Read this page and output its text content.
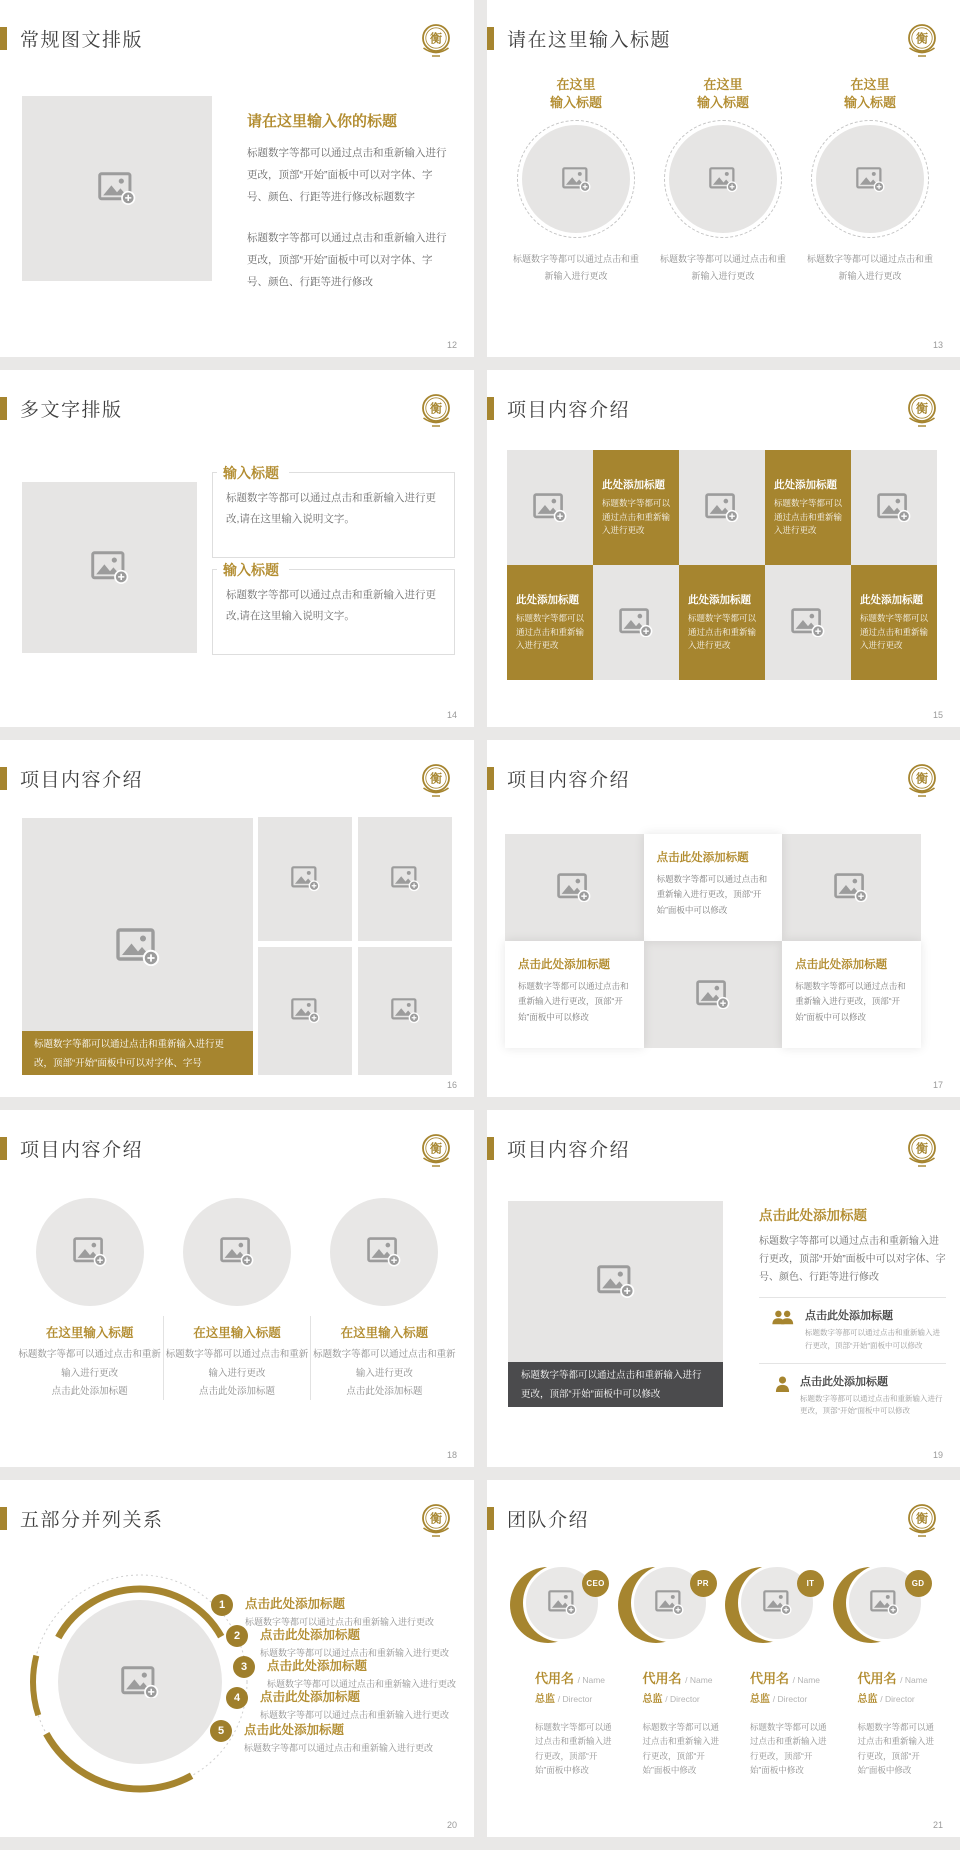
常规图文排版	衡
请在这里输入你的标题

标题数字等都可以通过点击和重新输入进行更改，顶部“开始”面板中可以对字体、字号、颜色、行距等进行修改标题数字

标题数字等都可以通过点击和重新输入进行更改，顶部“开始”面板中可以对字体、字号、颜色、行距等进行修改

12
请在这里输入标题	衡
在这里
输入标题
标题数字等都可以通过点击和重新输入进行更改
在这里
输入标题
标题数字等都可以通过点击和重新输入进行更改
在这里
输入标题
标题数字等都可以通过点击和重新输入进行更改
13
多文字排版	衡
输入标题

标题数字等都可以通过点击和重新输入进行更改,请在这里输入说明文字。

输入标题

标题数字等都可以通过点击和重新输入进行更改,请在这里输入说明文字。

14
项目内容介绍	衡
此处添加标题

标题数字等都可以通过点击和重新输入进行更改

此处添加标题

标题数字等都可以通过点击和重新输入进行更改

此处添加标题

标题数字等都可以通过点击和重新输入进行更改

此处添加标题

标题数字等都可以通过点击和重新输入进行更改

此处添加标题

标题数字等都可以通过点击和重新输入进行更改

15
项目内容介绍	衡
标题数字等都可以通过点击和重新输入进行更改，顶部“开始”面板中可以对字体、字号
16
项目内容介绍	衡
点击此处添加标题

标题数字等都可以通过点击和重新输入进行更改，顶部“开始”面板中可以修改

点击此处添加标题

标题数字等都可以通过点击和重新输入进行更改，顶部“开始”面板中可以修改

点击此处添加标题

标题数字等都可以通过点击和重新输入进行更改，顶部“开始”面板中可以修改

17
项目内容介绍	衡
在这里输入标题

标题数字等都可以通过点击和重新输入进行更改
点击此处添加标题

在这里输入标题

标题数字等都可以通过点击和重新输入进行更改
点击此处添加标题

在这里输入标题

标题数字等都可以通过点击和重新输入进行更改
点击此处添加标题

18
项目内容介绍	衡
标题数字等都可以通过点击和重新输入进行更改，顶部“开始”面板中可以修改
点击此处添加标题

标题数字等都可以通过点击和重新输入进行更改，顶部“开始”面板中可以对字体、字号、颜色、行距等进行修改

点击此处添加标题

标题数字等都可以通过点击和重新输入进行更改，顶部“开始”面板中可以修改

点击此处添加标题

标题数字等都可以通过点击和重新输入进行更改，顶部“开始”面板中可以修改

19
五部分并列关系	衡
1	点击此处添加标题

标题数字等都可以通过点击和重新输入进行更改

2	点击此处添加标题

标题数字等都可以通过点击和重新输入进行更改

3	点击此处添加标题

标题数字等都可以通过点击和重新输入进行更改

4	点击此处添加标题

标题数字等都可以通过点击和重新输入进行更改

5	点击此处添加标题

标题数字等都可以通过点击和重新输入进行更改

20
团队介绍	衡
CEO
代用名 / Name
总监 / Director
标题数字等都可以通过点击和重新输入进行更改，顶部“开始”面板中修改
PR
代用名 / Name
总监 / Director
标题数字等都可以通过点击和重新输入进行更改，顶部“开始”面板中修改
IT
代用名 / Name
总监 / Director
标题数字等都可以通过点击和重新输入进行更改，顶部“开始”面板中修改
GD
代用名 / Name
总监 / Director
标题数字等都可以通过点击和重新输入进行更改，顶部“开始”面板中修改
21
